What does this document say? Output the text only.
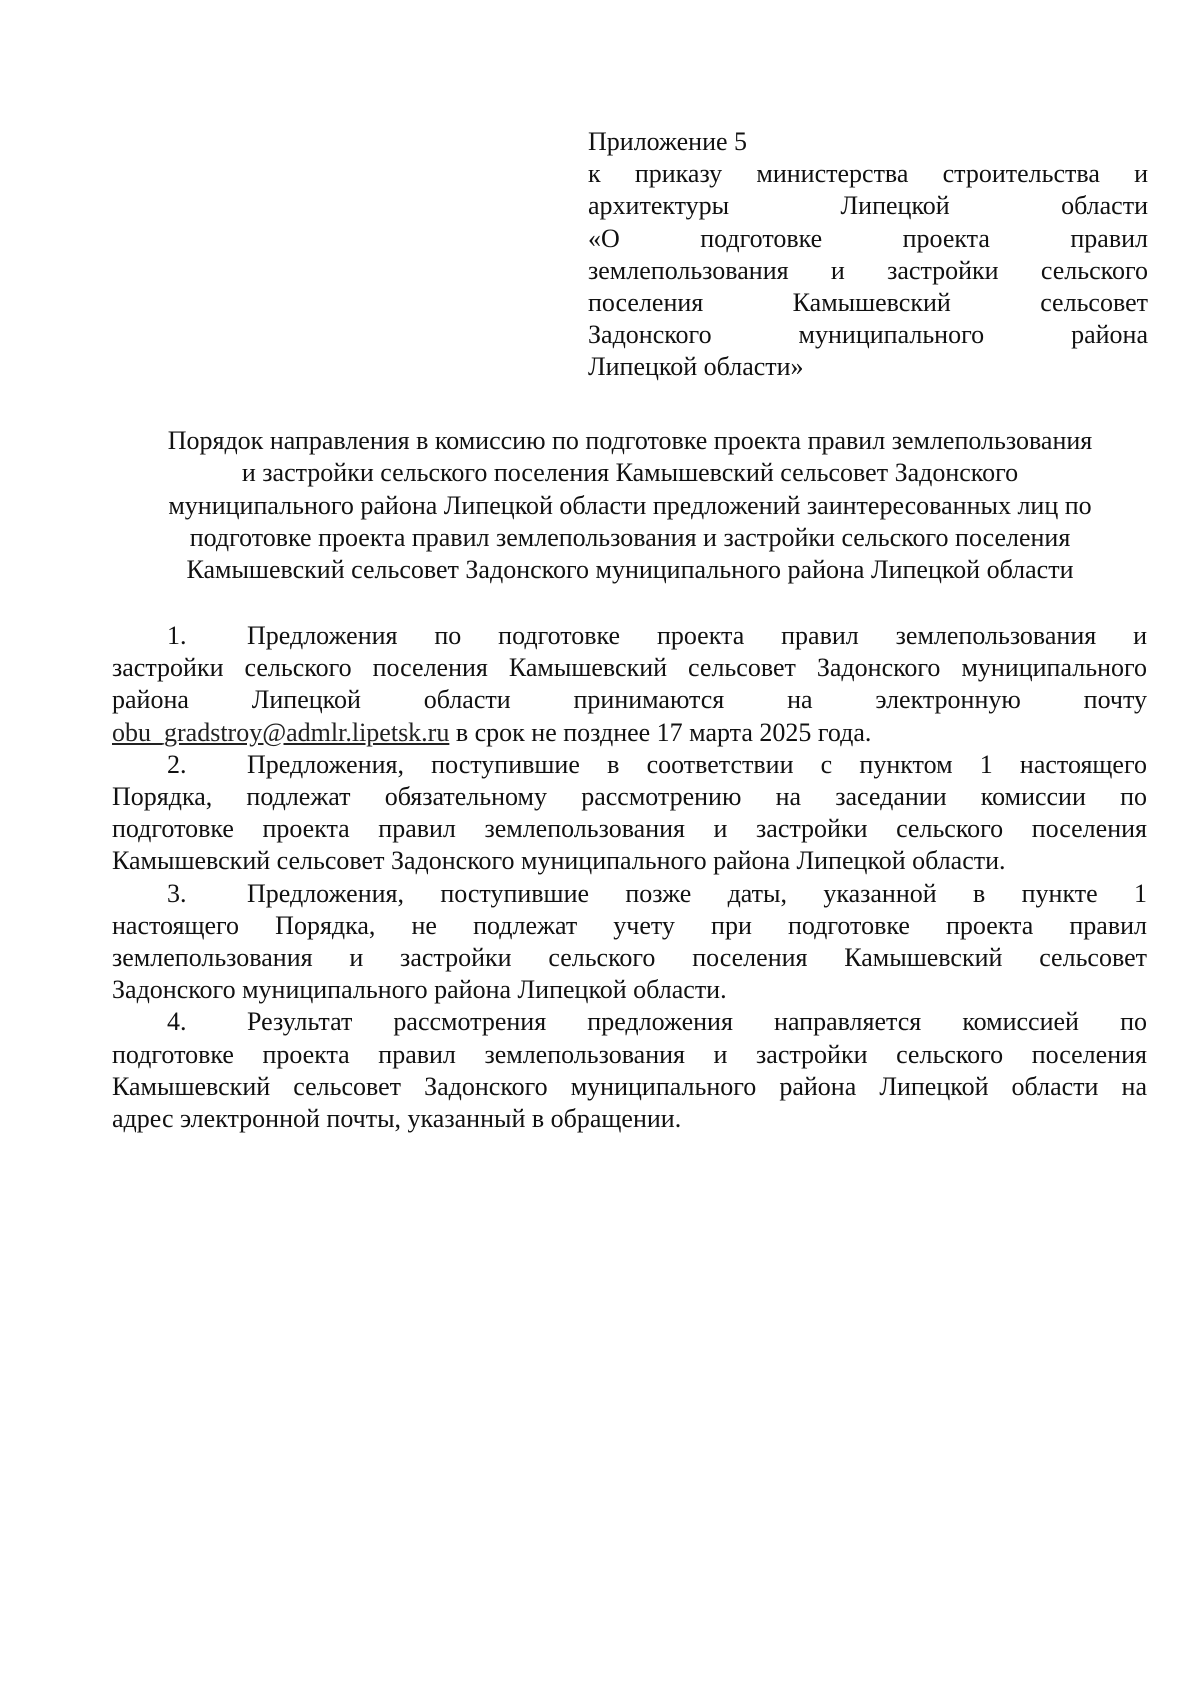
Приложение 5
к приказу министерства строительства и
архитектуры Липецкой области
«О подготовке проекта правил
землепользования и застройки сельского
поселения Камышевский сельсовет
Задонского муниципального района
Липецкой области»
Порядок направления в комиссию по подготовке проекта правил землепользования
и застройки сельского поселения Камышевский сельсовет Задонского
муниципального района Липецкой области предложений заинтересованных лиц по
подготовке проекта правил землепользования и застройки сельского поселения
Камышевский сельсовет Задонского муниципального района Липецкой области
1. Предложения по подготовке проекта правил землепользования и
застройки сельского поселения Камышевский сельсовет Задонского муниципального
района Липецкой области принимаются на электронную почту
obu_gradstroy@admlr.lipetsk.ru в срок не позднее 17 марта 2025 года.
2. Предложения, поступившие в соответствии с пунктом 1 настоящего
Порядка, подлежат обязательному рассмотрению на заседании комиссии по
подготовке проекта правил землепользования и застройки сельского поселения
Камышевский сельсовет Задонского муниципального района Липецкой области.
3. Предложения, поступившие позже даты, указанной в пункте 1
настоящего Порядка, не подлежат учету при подготовке проекта правил
землепользования и застройки сельского поселения Камышевский сельсовет
Задонского муниципального района Липецкой области.
4. Результат рассмотрения предложения направляется комиссией по
подготовке проекта правил землепользования и застройки сельского поселения
Камышевский сельсовет Задонского муниципального района Липецкой области на
адрес электронной почты, указанный в обращении.
